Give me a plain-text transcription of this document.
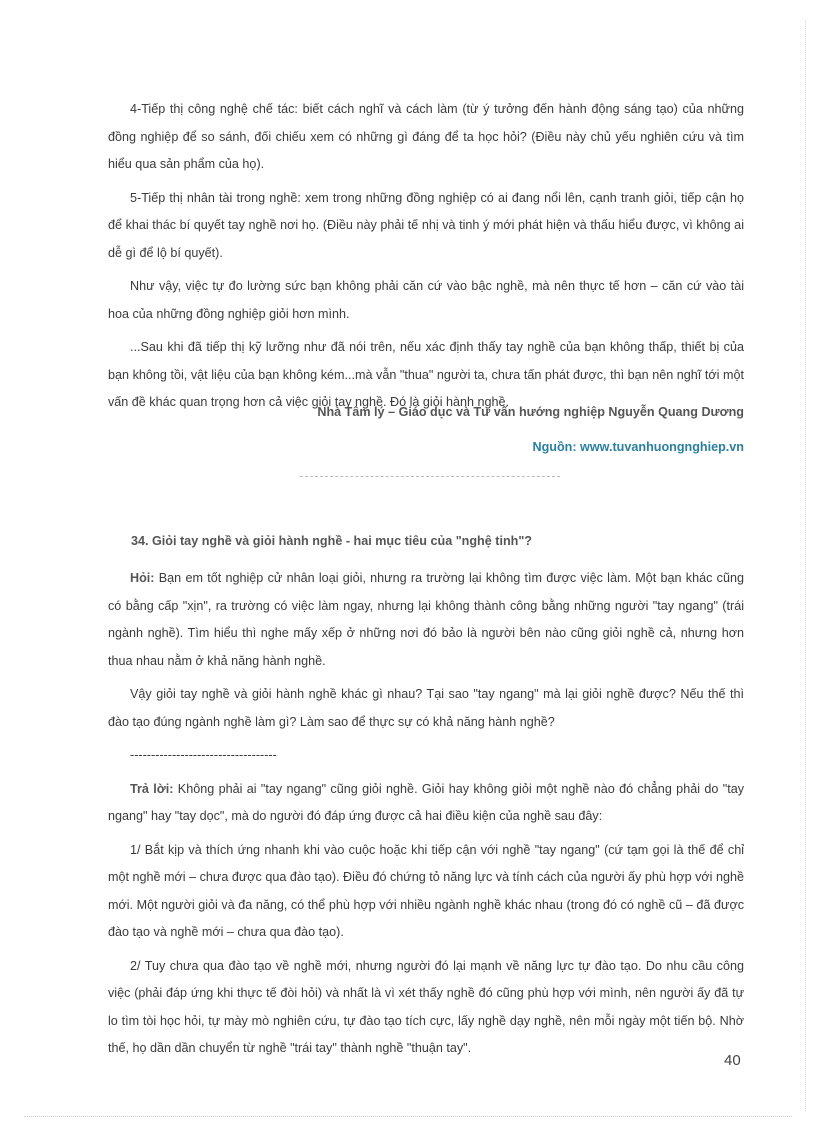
4-Tiếp thị công nghệ chế tác: biết cách nghĩ và cách làm (từ ý tưởng đến hành động sáng tạo) của những đồng nghiệp để so sánh, đối chiếu xem có những gì đáng để ta học hỏi? (Điều này chủ yếu nghiên cứu và tìm hiểu qua sản phẩm của họ).

5-Tiếp thị nhân tài trong nghề: xem trong những đồng nghiệp có ai đang nổi lên, cạnh tranh giỏi, tiếp cận họ để khai thác bí quyết tay nghề nơi họ. (Điều này phải tế nhị và tinh ý mới phát hiện và thấu hiểu được, vì không ai dễ gì để lộ bí quyết).

Như vậy, việc tự đo lường sức bạn không phải căn cứ vào bậc nghề, mà nên thực tế hơn – căn cứ vào tài hoa của những đồng nghiệp giỏi hơn mình.

...Sau khi đã tiếp thị kỹ lưỡng như đã nói trên, nếu xác định thấy tay nghề của bạn không thấp, thiết bị của bạn không tồi, vật liệu của bạn không kém...mà vẫn "thua" người ta, chưa tấn phát được, thì bạn nên nghĩ tới một vấn đề khác quan trọng hơn cả việc giỏi tay nghề. Đó là giỏi hành nghề.

Nhà Tâm lý – Giáo dục và Tư vấn hướng nghiệp Nguyễn Quang Dương
Nguồn: www.tuvanhuongnghiep.vn
34. Giỏi tay nghề và giỏi hành nghề - hai mục tiêu của "nghệ tinh"?

Hỏi: Bạn em tốt nghiệp cử nhân loại giỏi, nhưng ra trường lại không tìm được việc làm. Một bạn khác cũng có bằng cấp "xịn", ra trường có việc làm ngay, nhưng lại không thành công bằng những người "tay ngang" (trái ngành nghề). Tìm hiểu thì nghe mấy xếp ở những nơi đó bảo là người bên nào cũng giỏi nghề cả, nhưng hơn thua nhau nằm ở khả năng hành nghề.

Vậy giỏi tay nghề và giỏi hành nghề khác gì nhau? Tại sao "tay ngang" mà lại giỏi nghề được? Nếu thế thì đào tạo đúng ngành nghề làm gì? Làm sao để thực sự có khả năng hành nghề?

-----------------------------------

Trả lời: Không phải ai "tay ngang" cũng giỏi nghề. Giỏi hay không giỏi một nghề nào đó chẳng phải do "tay ngang" hay "tay dọc", mà do người đó đáp ứng được cả hai điều kiện của nghề sau đây:

1/ Bắt kịp và thích ứng nhanh khi vào cuộc hoặc khi tiếp cận với nghề "tay ngang" (cứ tạm gọi là thế để chỉ một nghề mới – chưa được qua đào tạo). Điều đó chứng tỏ năng lực và tính cách của người ấy phù hợp với nghề mới. Một người giỏi và đa năng, có thể phù hợp với nhiều ngành nghề khác nhau (trong đó có nghề cũ – đã được đào tạo và nghề mới – chưa qua đào tạo).

2/ Tuy chưa qua đào tạo về nghề mới, nhưng người đó lại mạnh về năng lực tự đào tạo. Do nhu cầu công việc (phải đáp ứng khi thực tế đòi hỏi) và nhất là vì xét thấy nghề đó cũng phù hợp với mình, nên người ấy đã tự lo tìm tòi học hỏi, tự mày mò nghiên cứu, tự đào tạo tích cực, lấy nghề dạy nghề, nên mỗi ngày một tiến bộ. Nhờ thế, họ dần dần chuyển từ nghề "trái tay" thành nghề "thuận tay".

40
